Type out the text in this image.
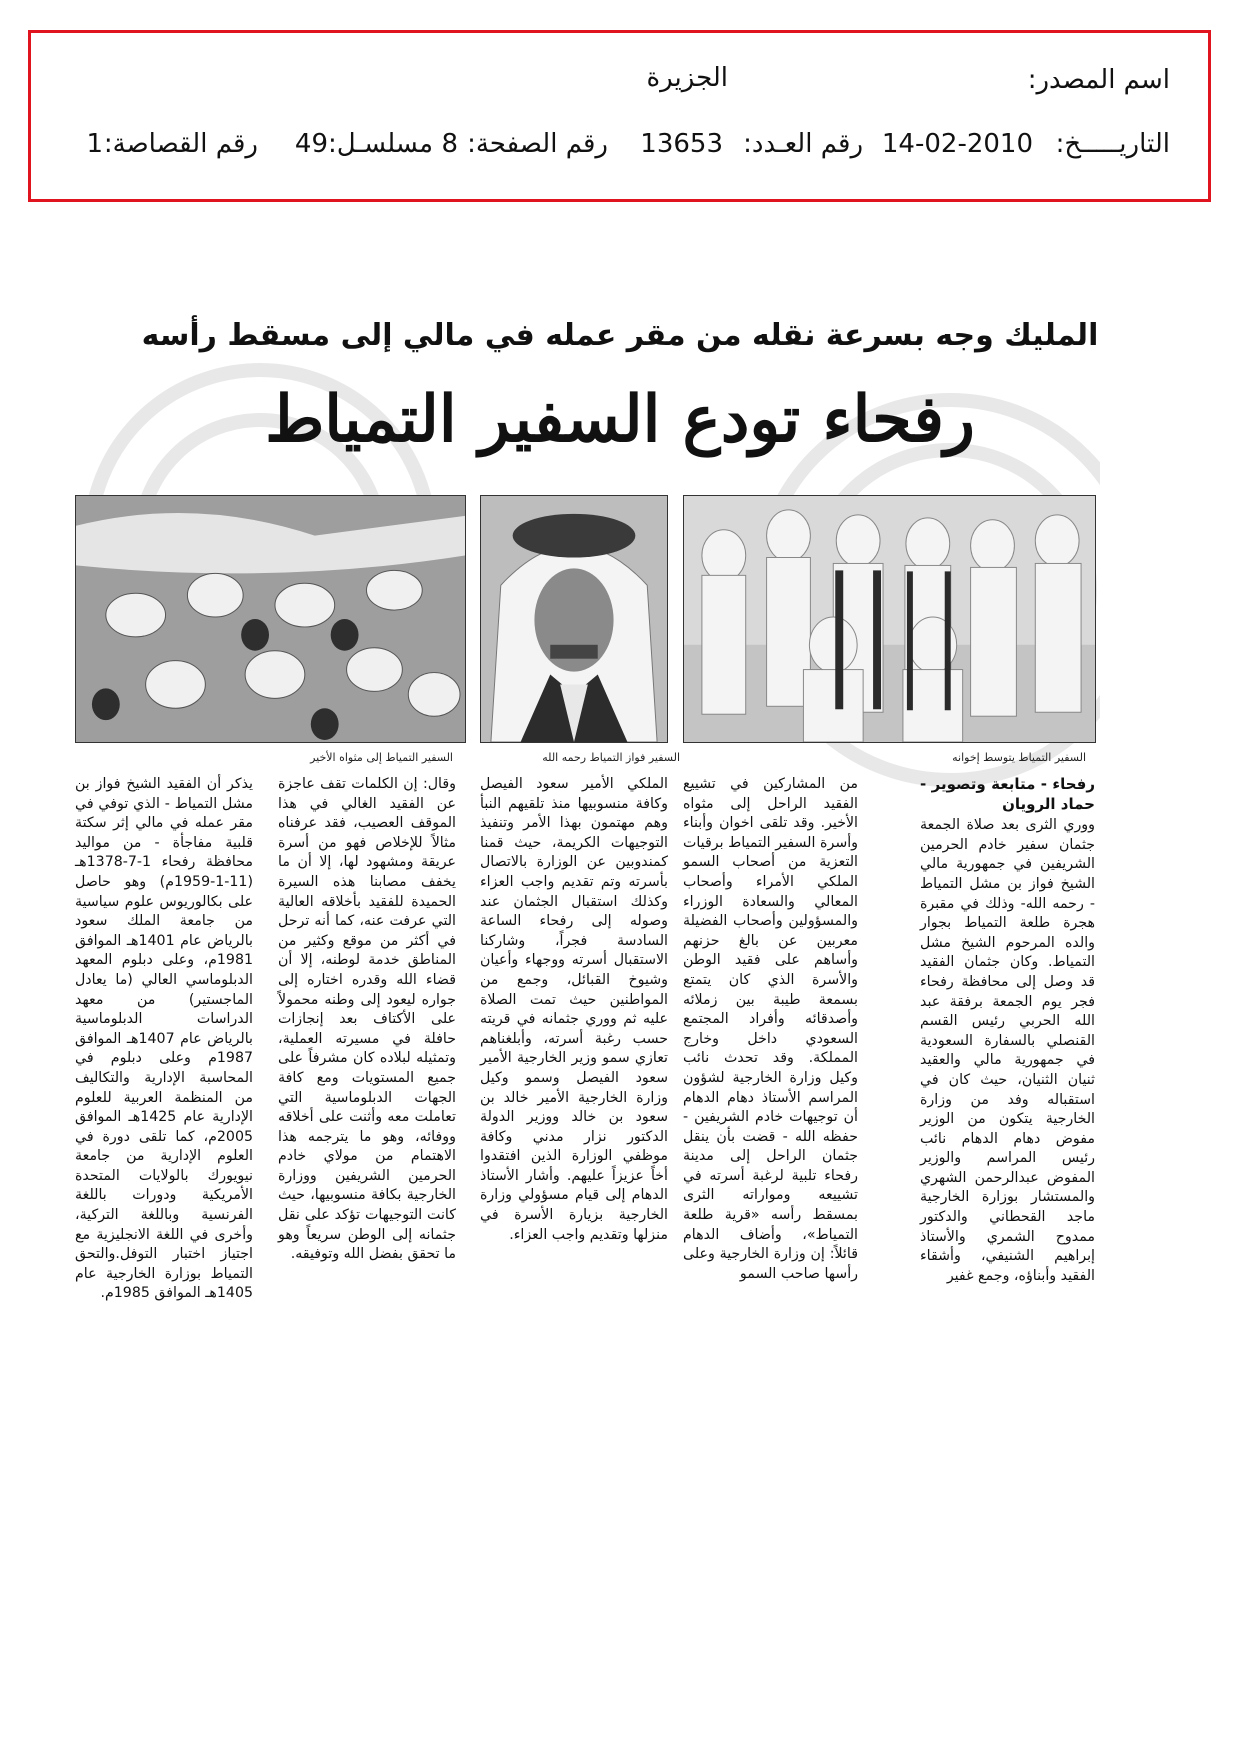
اسم المصدر:
الجزيرة
التاريـــــخ:
14-02-2010
رقم العـدد:
13653
رقم الصفحة:
8
مسلسـل:
49
رقم القصاصة:
1
المليك وجه بسرعة نقله من مقر عمله في مالي إلى مسقط رأسه
رفحاء تودع السفير التمياط
السفير التمياط يتوسط إخوانه
السفير فواز التمياط رحمه الله
السفير التمياط إلى مثواه الأخير
رفحاء - متابعة وتصوير - حماد الرويان
ووري الثرى بعد صلاة الجمعة جثمان سفير خادم الحرمين الشريفين في جمهورية مالي الشيخ فواز بن مشل التمياط - رحمه الله- وذلك في مقبرة هجرة طلعة التمياط بجوار والده المرحوم الشيخ مشل التمياط. وكان جثمان الفقيد قد وصل إلى محافظة رفحاء فجر يوم الجمعة برفقة عبد الله الحربي رئيس القسم القنصلي بالسفارة السعودية في جمهورية مالي والعقيد ثنيان الثنيان، حيث كان في استقباله وفد من وزارة الخارجية يتكون من الوزير مفوض دهام الدهام نائب رئيس المراسم والوزير المفوض عبدالرحمن الشهري والمستشار بوزارة الخارجية ماجد القحطاني والدكتور ممدوح الشمري والأستاذ إبراهيم الشنيفي، وأشقاء الفقيد وأبناؤه، وجمع غفير
من المشاركين في تشييع الفقيد الراحل إلى مثواه الأخير. وقد تلقى اخوان وأبناء وأسرة السفير التمياط برقيات التعزية من أصحاب السمو الملكي الأمراء وأصحاب المعالي والسعادة الوزراء والمسؤولين وأصحاب الفضيلة معربين عن بالغ حزنهم وأساهم على فقيد الوطن والأسرة الذي كان يتمتع بسمعة طيبة بين زملائه وأصدقائه وأفراد المجتمع السعودي داخل وخارج المملكة. وقد تحدث نائب وكيل وزارة الخارجية لشؤون المراسم الأستاذ دهام الدهام أن توجيهات خادم الشريفين - حفظه الله - قضت بأن ينقل جثمان الراحل إلى مدينة رفحاء تلبية لرغبة أسرته في تشييعه ومواراته الثرى بمسقط رأسه «قرية طلعة التمياط»، وأضاف الدهام قائلاً: إن وزارة الخارجية وعلى رأسها صاحب السمو
الملكي الأمير سعود الفيصل وكافة منسوبيها منذ تلقيهم النبأ وهم مهتمون بهذا الأمر وتنفيذ التوجيهات الكريمة، حيث قمنا كمندوبين عن الوزارة بالاتصال بأسرته وتم تقديم واجب العزاء وكذلك استقبال الجثمان عند وصوله إلى رفحاء الساعة السادسة فجراً، وشاركنا الاستقبال أسرته ووجهاء وأعيان وشيوخ القبائل، وجمع من المواطنين حيث تمت الصلاة عليه ثم ووري جثمانه في قريته حسب رغبة أسرته، وأبلغناهم تعازي سمو وزير الخارجية الأمير سعود الفيصل وسمو وكيل وزارة الخارجية الأمير خالد بن سعود بن خالد ووزير الدولة الدكتور نزار مدني وكافة موظفي الوزارة الذين افتقدوا أخاً عزيزاً عليهم. وأشار الأستاذ الدهام إلى قيام مسؤولي وزارة الخارجية بزيارة الأسرة في منزلها وتقديم واجب العزاء.
وقال: إن الكلمات تقف عاجزة عن الفقيد الغالي في هذا الموقف العصيب، فقد عرفناه مثالاً للإخلاص فهو من أسرة عريقة ومشهود لها، إلا أن ما يخفف مصابنا هذه السيرة الحميدة للفقيد بأخلاقه العالية التي عرفت عنه، كما أنه ترحل في أكثر من موقع وكثير من المناطق خدمة لوطنه، إلا أن قضاء الله وقدره اختاره إلى جواره ليعود إلى وطنه محمولاً على الأكتاف بعد إنجازات حافلة في مسيرته العملية، وتمثيله لبلاده كان مشرفاً على جميع المستويات ومع كافة الجهات الدبلوماسية التي تعاملت معه وأثنت على أخلاقه ووفائه، وهو ما يترجمه هذا الاهتمام من مولاي خادم الحرمين الشريفين ووزارة الخارجية بكافة منسوبيها، حيث كانت التوجيهات تؤكد على نقل جثمانه إلى الوطن سريعاً وهو ما تحقق بفضل الله وتوفيقه.
يذكر أن الفقيد الشيخ فواز بن مشل التمياط - الذي توفي في مقر عمله في مالي إثر سكتة قلبية مفاجأة - من مواليد محافظة رفحاء 1-7-1378هـ (11-1-1959م) وهو حاصل على بكالوريوس علوم سياسية من جامعة الملك سعود بالرياض عام 1401هـ الموافق 1981م، وعلى دبلوم المعهد الدبلوماسي العالي (ما يعادل الماجستير) من معهد الدراسات الدبلوماسية بالرياض عام 1407هـ الموافق 1987م وعلى دبلوم في المحاسبة الإدارية والتكاليف من المنظمة العربية للعلوم الإدارية عام 1425هـ الموافق 2005م، كما تلقى دورة في العلوم الإدارية من جامعة نيويورك بالولايات المتحدة الأمريكية ودورات باللغة الفرنسية وباللغة التركية، وأخرى في اللغة الانجليزية مع اجتياز اختبار التوفل.والتحق التمياط بوزارة الخارجية عام 1405هـ الموافق 1985م.
